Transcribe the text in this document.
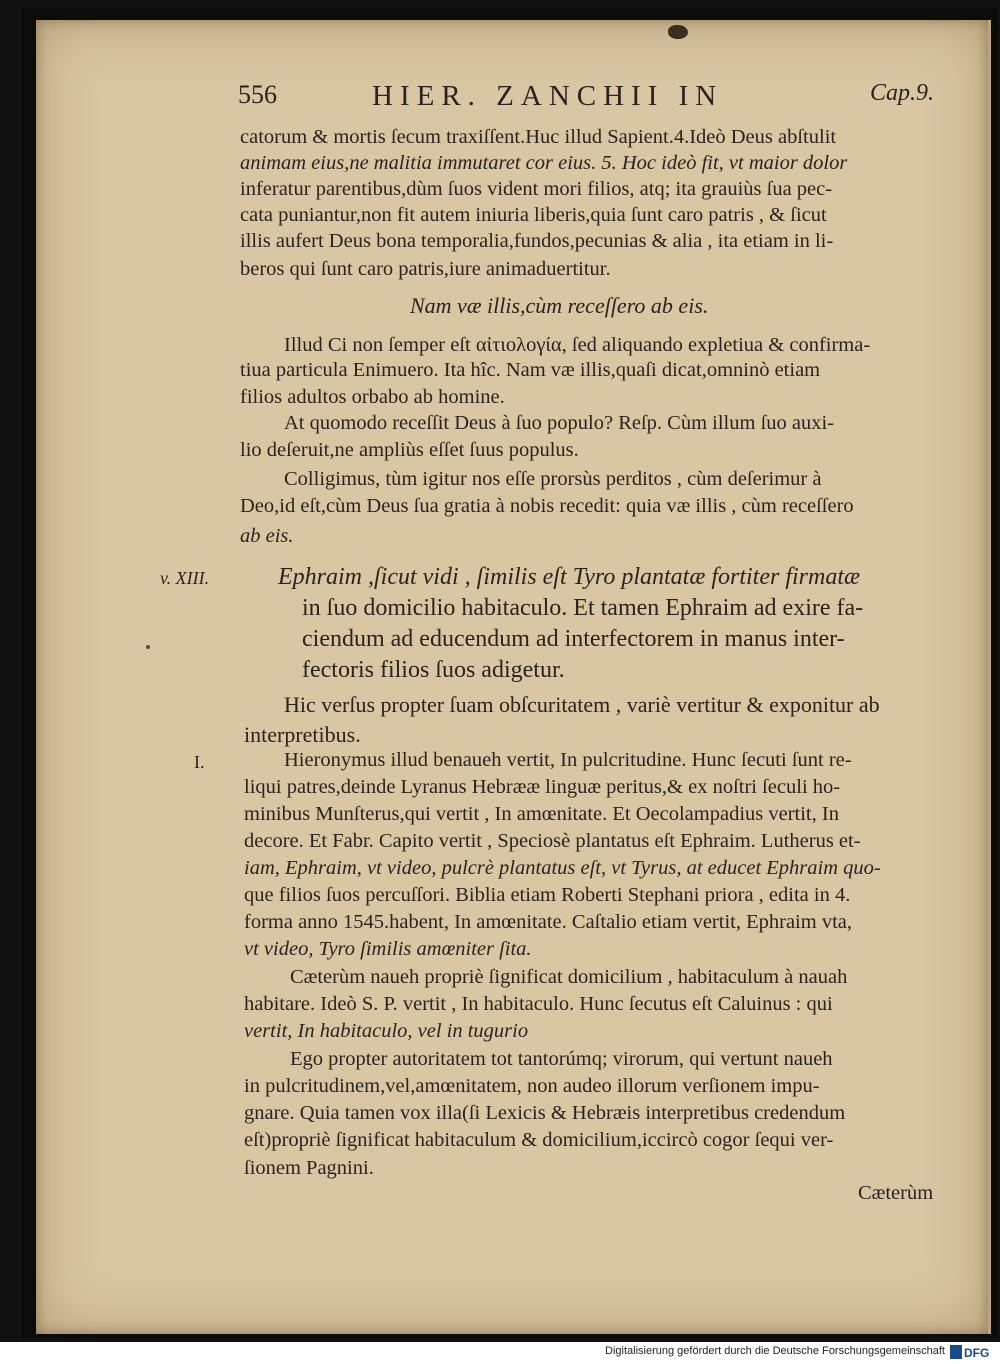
556	HIER. ZANCHII IN	Cap.9.
v. XIII.
I.
catorum & mortis ſecum traxiſſent.Huc illud Sapient.4.Ideò Deus abſtulit
animam eius,ne malitia immutaret cor eius. 5. Hoc ideò fit, vt maior dolor
inferatur parentibus,dùm ſuos vident mori filios, atq; ita grauiùs ſua pec-
cata puniantur,non fit autem iniuria liberis,quia ſunt caro patris , & ſicut
illis aufert Deus bona temporalia,fundos,pecunias & alia , ita etiam in li-
beros qui ſunt caro patris,iure animaduertitur.
Nam væ illis,cùm receſſero ab eis.
Illud Ci non ſemper eſt αἰτιολογία, ſed aliquando expletiua & confirma-
tiua particula Enimuero. Ita hîc. Nam væ illis,quaſi dicat,omninò etiam
filios adultos orbabo ab homine.
At quomodo receſſit Deus à ſuo populo? Reſp. Cùm illum ſuo auxi-
lio deſeruit,ne ampliùs eſſet ſuus populus.
Colligimus, tùm igitur nos eſſe prorsùs perditos , cùm deſerimur à
Deo,id eſt,cùm Deus ſua gratia à nobis recedit: quia væ illis , cùm receſſero
ab eis.
Ephraim ,ſicut vidi , ſimilis eſt Tyro plantatæ fortiter firmatæ
in ſuo domicilio habitaculo. Et tamen Ephraim ad exire fa-
ciendum ad educendum ad interfectorem in manus inter-
fectoris filios ſuos adigetur.
Hic verſus propter ſuam obſcuritatem , variè vertitur & exponitur ab
interpretibus.
Hieronymus illud benaueh vertit, In pulcritudine. Hunc ſecuti ſunt re-
liqui patres,deinde Lyranus Hebrææ linguæ peritus,& ex noſtri ſeculi ho-
minibus Munſterus,qui vertit , In amœnitate. Et Oecolampadius vertit, In
decore. Et Fabr. Capito vertit , Speciosè plantatus eſt Ephraim. Lutherus et-
iam, Ephraim, vt video, pulcrè plantatus eſt, vt Tyrus, at educet Ephraim quo-
que filios ſuos percuſſori. Biblia etiam Roberti Stephani priora , edita in 4.
forma anno 1545.habent, In amœnitate. Caſtalio etiam vertit, Ephraim vta,
vt video, Tyro ſimilis amœniter ſita.
Cæterùm naueh propriè ſignificat domicilium , habitaculum à nauah
habitare. Ideò S. P. vertit , In habitaculo. Hunc ſecutus eſt Caluinus : qui
vertit, In habitaculo, vel in tugurio
Ego propter autoritatem tot tantorúmq; virorum, qui vertunt naueh
in pulcritudinem,vel,amœnitatem, non audeo illorum verſionem impu-
gnare. Quia tamen vox illa(ſi Lexicis & Hebræis interpretibus credendum
eſt)propriè ſignificat habitaculum & domicilium,iccircò cogor ſequi ver-
ſionem Pagnini.
Cæterùm
Digitalisierung gefördert durch die Deutsche Forschungsgemeinschaft DFG
